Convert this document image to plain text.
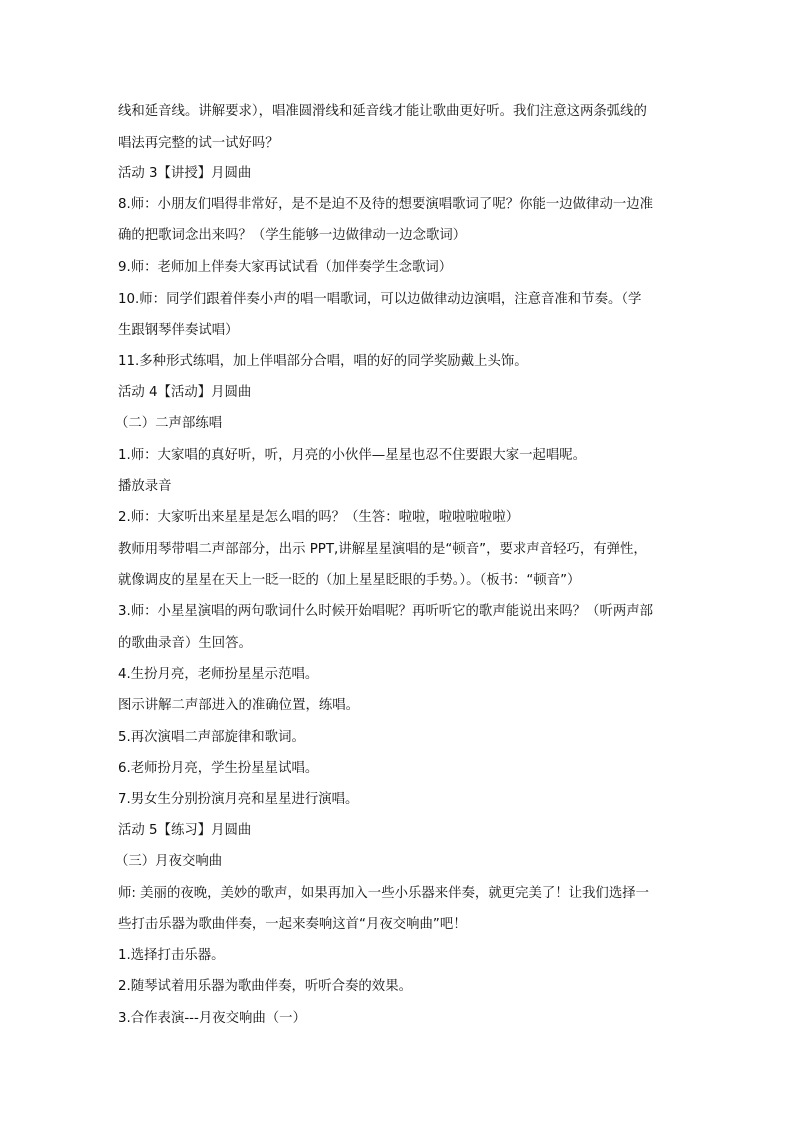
线和延音线。讲解要求），唱准圆滑线和延音线才能让歌曲更好听。我们注意这两条弧线的
唱法再完整的试一试好吗？
活动 3【讲授】月圆曲
8.师：小朋友们唱得非常好，是不是迫不及待的想要演唱歌词了呢？你能一边做律动一边准
确的把歌词念出来吗？（学生能够一边做律动一边念歌词）
9.师：老师加上伴奏大家再试试看（加伴奏学生念歌词）
10.师：同学们跟着伴奏小声的唱一唱歌词，可以边做律动边演唱，注意音准和节奏。（学
生跟钢琴伴奏试唱）
11.多种形式练唱，加上伴唱部分合唱，唱的好的同学奖励戴上头饰。
活动 4【活动】月圆曲
（二）二声部练唱
1.师：大家唱的真好听，听，月亮的小伙伴—星星也忍不住要跟大家一起唱呢。
播放录音
2.师：大家听出来星星是怎么唱的吗？（生答：啦啦，啦啦啦啦啦）
教师用琴带唱二声部部分，出示 PPT,讲解星星演唱的是“顿音”，要求声音轻巧，有弹性，
就像调皮的星星在天上一眨一眨的（加上星星眨眼的手势。）。（板书：“顿音”）
3.师：小星星演唱的两句歌词什么时候开始唱呢？再听听它的歌声能说出来吗？（听两声部
的歌曲录音）生回答。
4.生扮月亮，老师扮星星示范唱。
图示讲解二声部进入的准确位置，练唱。
5.再次演唱二声部旋律和歌词。
6.老师扮月亮，学生扮星星试唱。
7.男女生分别扮演月亮和星星进行演唱。
活动 5【练习】月圆曲
（三）月夜交响曲
师: 美丽的夜晚，美妙的歌声，如果再加入一些小乐器来伴奏，就更完美了！让我们选择一
些打击乐器为歌曲伴奏，一起来奏响这首“月夜交响曲”吧！
1.选择打击乐器。
2.随琴试着用乐器为歌曲伴奏，听听合奏的效果。
3.合作表演---月夜交响曲（一）
